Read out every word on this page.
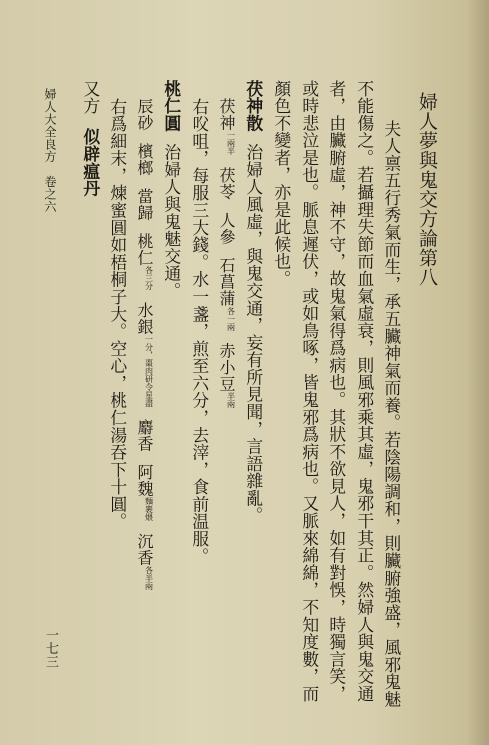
婦人夢與鬼交方論第八
夫人禀五行秀氣而生，承五臟神氣而養。若陰陽調和，則臟腑強盛，風邪鬼魅
不能傷之。若攝理失節而血氣虛衰，則風邪乘其虛，鬼邪干其正。然婦人與鬼交通
者，由臟腑虛，神不守，故鬼氣得爲病也。其狀不欲見人，如有對悞，時獨言笑，
或時悲泣是也。脈息遲伏，或如鳥啄，皆鬼邪爲病也。又脈來綿綿，不知度數，而
顏色不變者，亦是此候也。
茯神散治婦人風虛，與鬼交通，妄有所見聞，言語雜亂。
茯神一兩半茯苓人參石菖蒲各一兩赤小豆半兩
右㕮咀，每服三大錢。水一盞，煎至六分，去滓，食前温服。
桃仁圓治婦人與鬼魅交通。
辰砂檳榔當歸桃仁各三分水銀一分，棗肉研令星盡麝香阿魏麵裹煨沉香各半兩
右爲細末，煉蜜圓如梧桐子大。空心，桃仁湯吞下十圓。
又方
似辟瘟丹
婦人大全良方　卷之六
一七三
